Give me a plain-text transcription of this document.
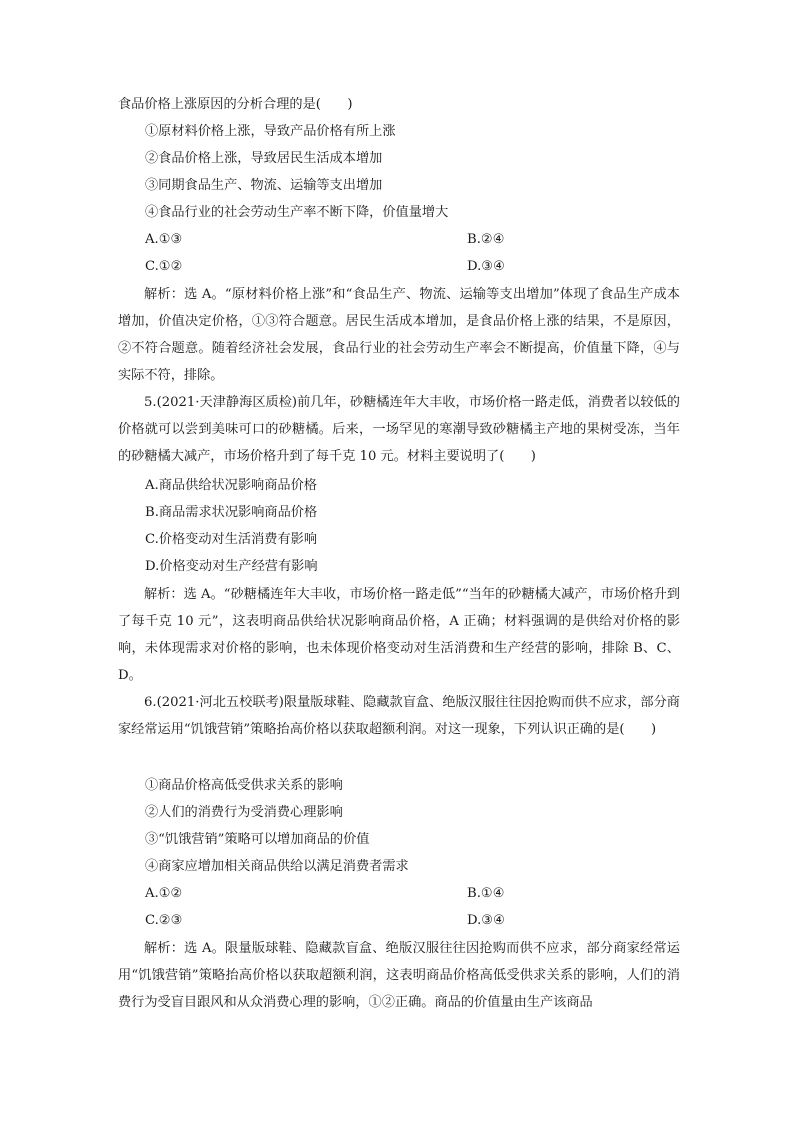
食品价格上涨原因的分析合理的是(　　)
①原材料价格上涨，导致产品价格有所上涨
②食品价格上涨，导致居民生活成本增加
③同期食品生产、物流、运输等支出增加
④食品行业的社会劳动生产率不断下降，价值量增大
A.①③	B.②④
C.①②	D.③④
解析：选 A。“原材料价格上涨”和“食品生产、物流、运输等支出增加”体现了食品生产成本增加，价值决定价格，①③符合题意。居民生活成本增加，是食品价格上涨的结果，不是原因，②不符合题意。随着经济社会发展，食品行业的社会劳动生产率会不断提高，价值量下降，④与实际不符，排除。
5.(2021·天津静海区质检)前几年，砂糖橘连年大丰收，市场价格一路走低，消费者以较低的价格就可以尝到美味可口的砂糖橘。后来，一场罕见的寒潮导致砂糖橘主产地的果树受冻，当年的砂糖橘大减产，市场价格升到了每千克 10 元。材料主要说明了(　　)
A.商品供给状况影响商品价格
B.商品需求状况影响商品价格
C.价格变动对生活消费有影响
D.价格变动对生产经营有影响
解析：选 A。“砂糖橘连年大丰收，市场价格一路走低”“当年的砂糖橘大减产，市场价格升到了每千克 10 元”，这表明商品供给状况影响商品价格，A 正确；材料强调的是供给对价格的影响，未体现需求对价格的影响，也未体现价格变动对生活消费和生产经营的影响，排除 B、C、D。
6.(2021·河北五校联考)限量版球鞋、隐藏款盲盒、绝版汉服往往因抢购而供不应求，部分商家经常运用“饥饿营销”策略抬高价格以获取超额利润。对这一现象，下列认识正确的是(　　)
①商品价格高低受供求关系的影响
②人们的消费行为受消费心理影响
③“饥饿营销”策略可以增加商品的价值
④商家应增加相关商品供给以满足消费者需求
A.①②	B.①④
C.②③	D.③④
解析：选 A。限量版球鞋、隐藏款盲盒、绝版汉服往往因抢购而供不应求，部分商家经常运用“饥饿营销”策略抬高价格以获取超额利润，这表明商品价格高低受供求关系的影响，人们的消费行为受盲目跟风和从众消费心理的影响，①②正确。商品的价值量由生产该商品
